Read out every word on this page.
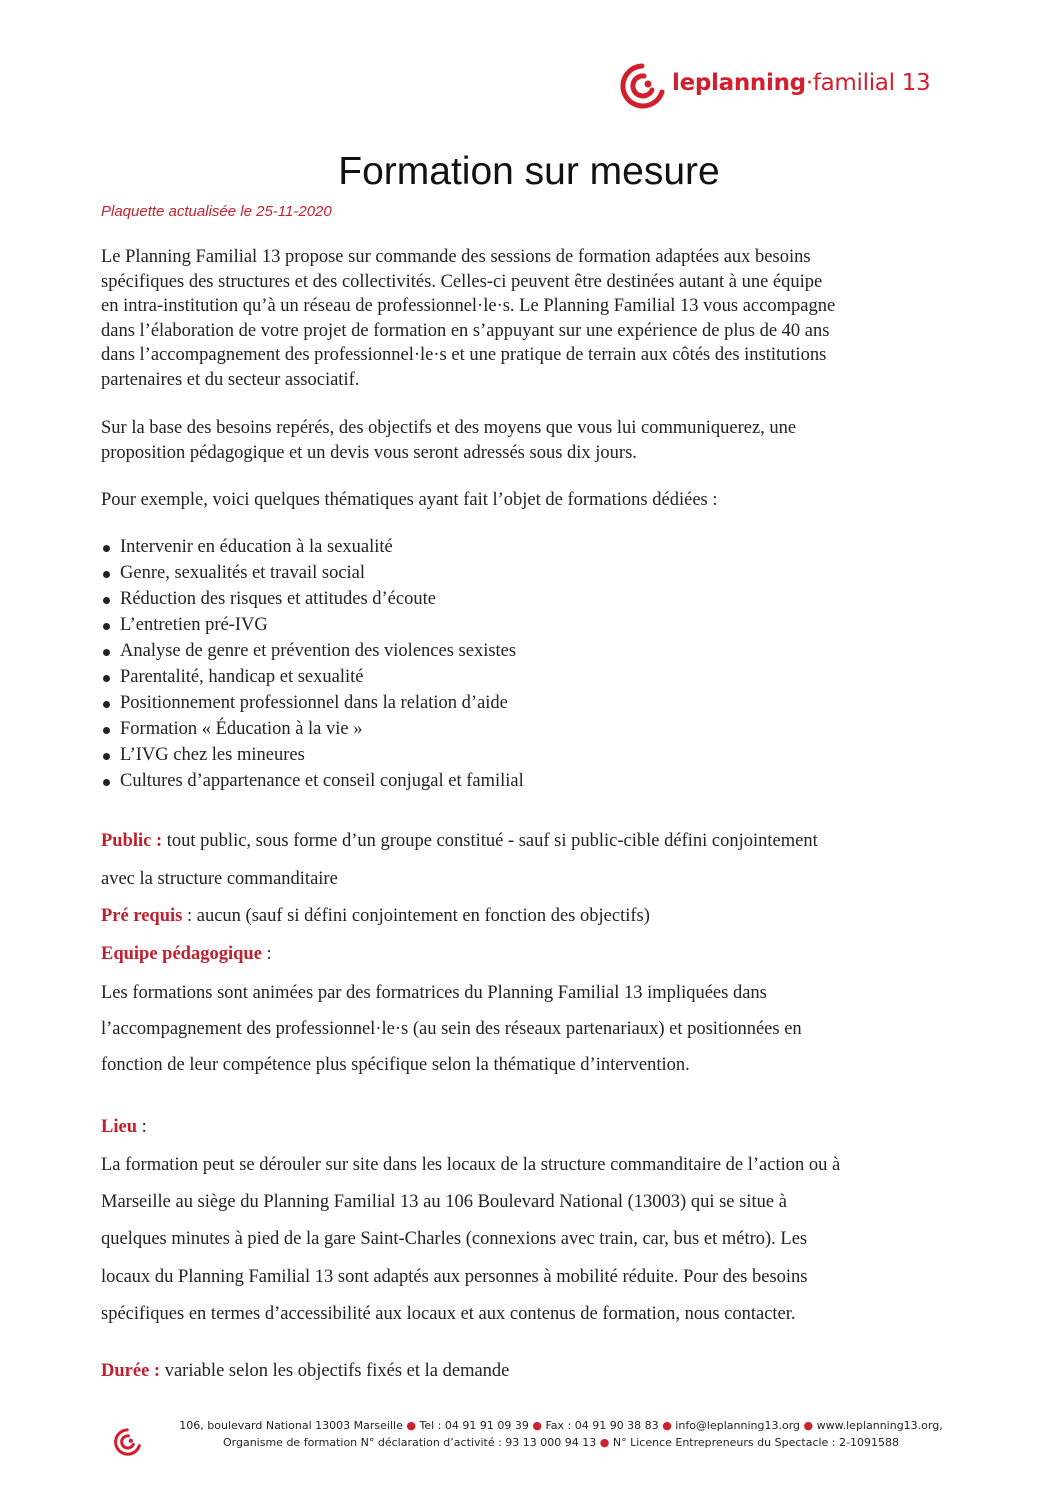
leplanning·familial 13
Formation sur mesure
Plaquette actualisée le 25-11-2020
Le Planning Familial 13 propose sur commande des sessions de formation adaptées aux besoins
spécifiques des structures et des collectivités. Celles-ci peuvent être destinées autant à une équipe
en intra-institution qu’à un réseau de professionnel·le·s. Le Planning Familial 13 vous accompagne
dans l’élaboration de votre projet de formation en s’appuyant sur une expérience de plus de 40 ans
dans l’accompagnement des professionnel·le·s et une pratique de terrain aux côtés des institutions
partenaires et du secteur associatif.
Sur la base des besoins repérés, des objectifs et des moyens que vous lui communiquerez, une
proposition pédagogique et un devis vous seront adressés sous dix jours.
Pour exemple, voici quelques thématiques ayant fait l’objet de formations dédiées :
Intervenir en éducation à la sexualité
Genre, sexualités et travail social
Réduction des risques et attitudes d’écoute
L’entretien pré-IVG
Analyse de genre et prévention des violences sexistes
Parentalité, handicap et sexualité
Positionnement professionnel dans la relation d’aide
Formation « Éducation à la vie »
L’IVG chez les mineures
Cultures d’appartenance et conseil conjugal et familial
Public : tout public, sous forme d’un groupe constitué - sauf si public-cible défini conjointement
avec la structure commanditaire
Pré requis : aucun (sauf si défini conjointement en fonction des objectifs)
Equipe pédagogique :
Les formations sont animées par des formatrices du Planning Familial 13 impliquées dans
l’accompagnement des professionnel·le·s (au sein des réseaux partenariaux) et positionnées en
fonction de leur compétence plus spécifique selon la thématique d’intervention.
Lieu :
La formation peut se dérouler sur site dans les locaux de la structure commanditaire de l’action ou à
Marseille au siège du Planning Familial 13 au 106 Boulevard National (13003) qui se situe à
quelques minutes à pied de la gare Saint-Charles (connexions avec train, car, bus et métro). Les
locaux du Planning Familial 13 sont adaptés aux personnes à mobilité réduite. Pour des besoins
spécifiques en termes d’accessibilité aux locaux et aux contenus de formation, nous contacter.
Durée : variable selon les objectifs fixés et la demande
106, boulevard National 13003 Marseille ● Tel : 04 91 91 09 39 ● Fax : 04 91 90 38 83 ● info@leplanning13.org ● www.leplanning13.org,
Organisme de formation N° déclaration d’activité : 93 13 000 94 13 ● N° Licence Entrepreneurs du Spectacle : 2-1091588
